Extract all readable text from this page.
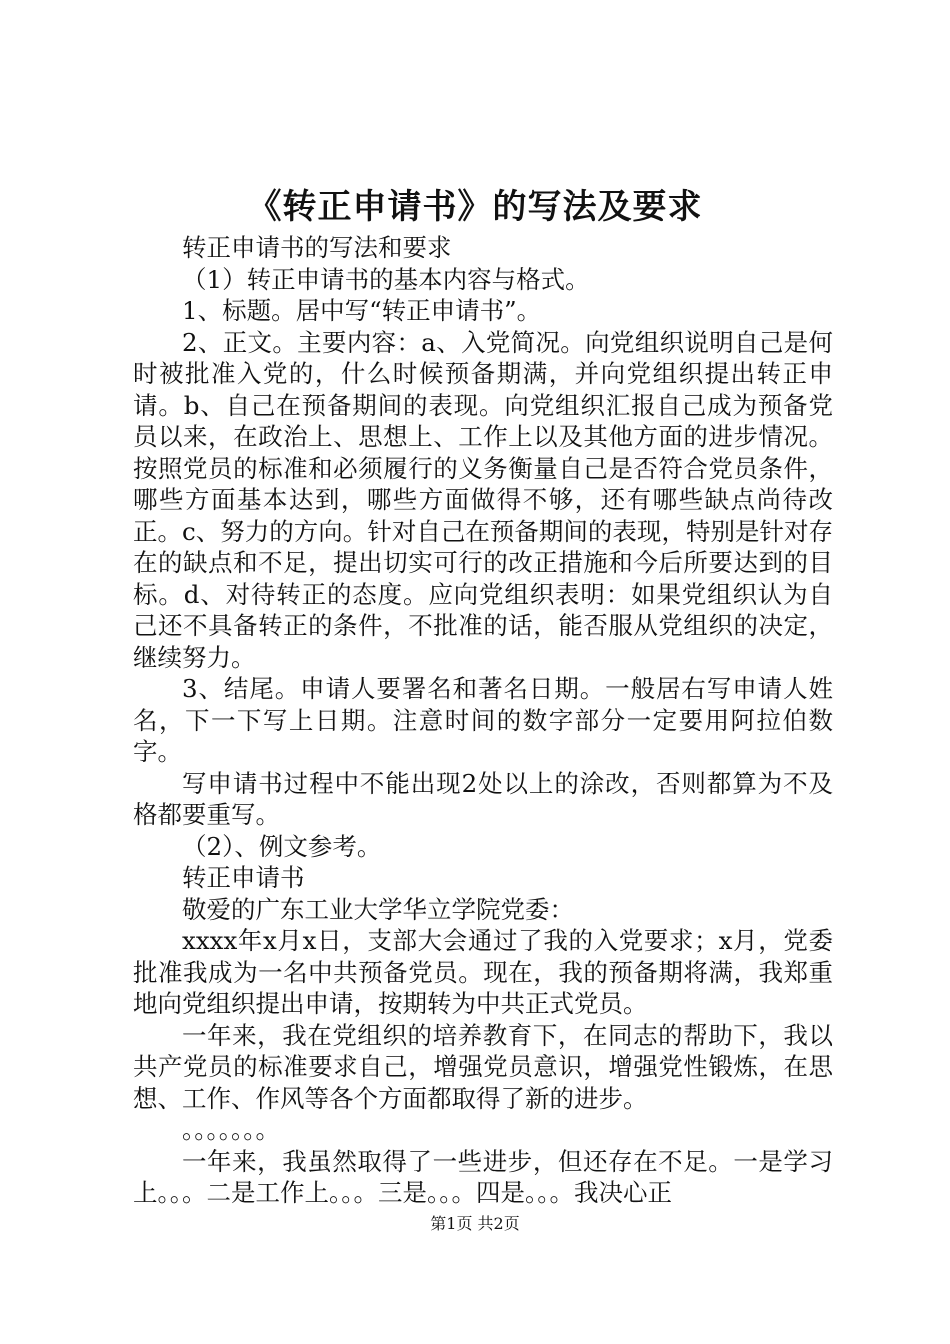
《转正申请书》的写法及要求

转正申请书的写法和要求

（1）转正申请书的基本内容与格式。

1、标题。居中写“转正申请书”。

2、正文。主要内容：a、入党简况。向党组织说明自己是何时被批准入党的，什么时候预备期满，并向党组织提出转正申请。b、自己在预备期间的表现。向党组织汇报自己成为预备党员以来，在政治上、思想上、工作上以及其他方面的进步情况。按照党员的标准和必须履行的义务衡量自己是否符合党员条件，哪些方面基本达到，哪些方面做得不够，还有哪些缺点尚待改正。c、努力的方向。针对自己在预备期间的表现，特别是针对存在的缺点和不足，提出切实可行的改正措施和今后所要达到的目标。d、对待转正的态度。应向党组织表明：如果党组织认为自己还不具备转正的条件，不批准的话，能否服从党组织的决定，继续努力。

3、结尾。申请人要署名和著名日期。一般居右写申请人姓名，下一下写上日期。注意时间的数字部分一定要用阿拉伯数字。

写申请书过程中不能出现2处以上的涂改，否则都算为不及格都要重写。

（2）、例文参考。

转正申请书

敬爱的广东工业大学华立学院党委：

xxxx年x月x日，支部大会通过了我的入党要求；x月，党委批准我成为一名中共预备党员。现在，我的预备期将满，我郑重地向党组织提出申请，按期转为中共正式党员。

一年来，我在党组织的培养教育下，在同志的帮助下，我以共产党员的标准要求自己，增强党员意识，增强党性锻炼，在思想、工作、作风等各个方面都取得了新的进步。

。。。。。。。

一年来，我虽然取得了一些进步，但还存在不足。一是学习上。。。二是工作上。。。三是。。。四是。。。我决心正

第1页 共2页
